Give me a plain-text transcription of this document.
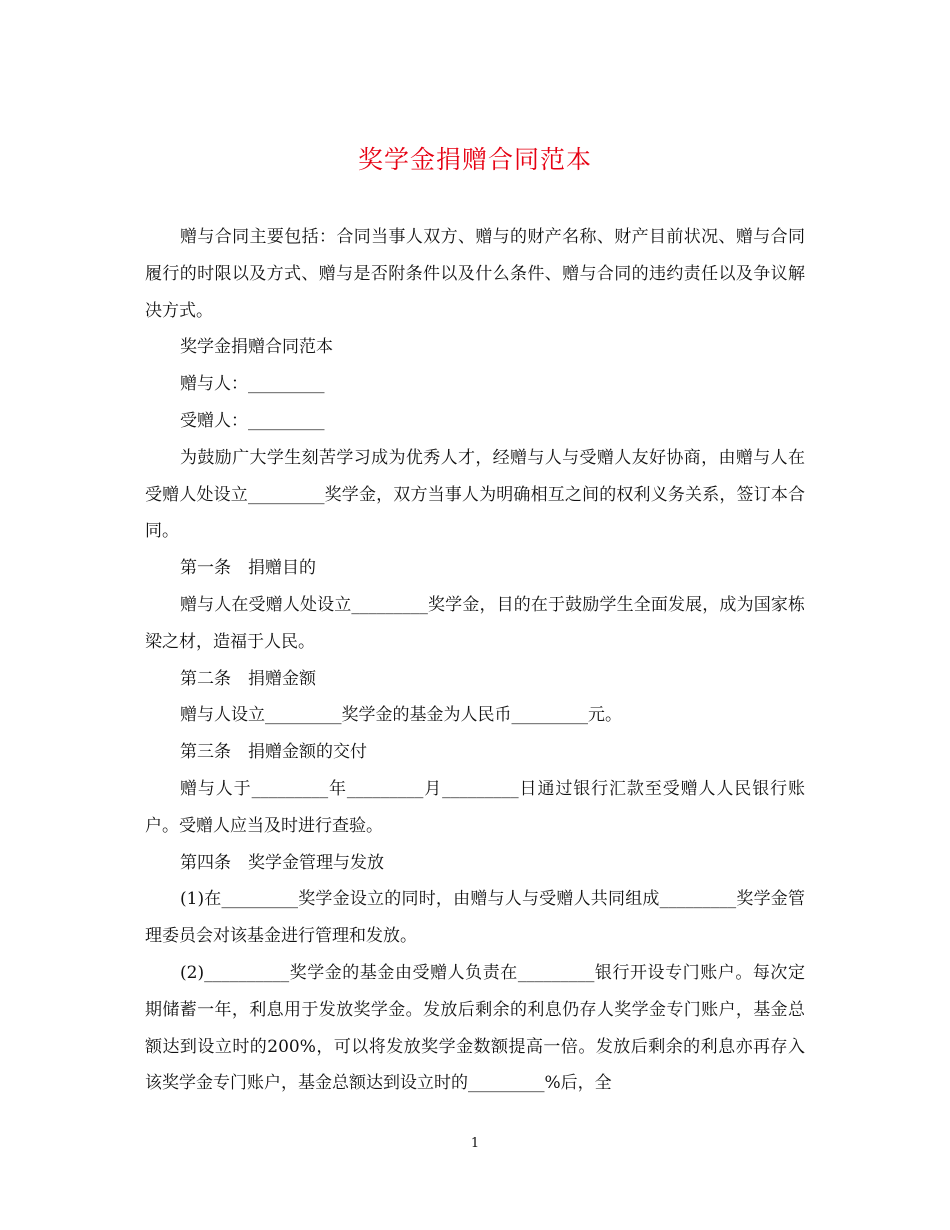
奖学金捐赠合同范本

赠与合同主要包括：合同当事人双方、赠与的财产名称、财产目前状况、赠与合同履行的时限以及方式、赠与是否附条件以及什么条件、赠与合同的违约责任以及争议解决方式。

奖学金捐赠合同范本

赠与人：_________

受赠人：_________

为鼓励广大学生刻苦学习成为优秀人才，经赠与人与受赠人友好协商，由赠与人在受赠人处设立_________奖学金，双方当事人为明确相互之间的权利义务关系，签订本合同。

第一条　捐赠目的

赠与人在受赠人处设立_________奖学金，目的在于鼓励学生全面发展，成为国家栋梁之材，造福于人民。

第二条　捐赠金额

赠与人设立_________奖学金的基金为人民币_________元。

第三条　捐赠金额的交付

赠与人于_________年_________月_________日通过银行汇款至受赠人人民银行账户。受赠人应当及时进行查验。

第四条　奖学金管理与发放

(1)在_________奖学金设立的同时，由赠与人与受赠人共同组成_________奖学金管理委员会对该基金进行管理和发放。

(2)__________奖学金的基金由受赠人负责在_________银行开设专门账户。每次定期储蓄一年，利息用于发放奖学金。发放后剩余的利息仍存人奖学金专门账户，基金总额达到设立时的200%，可以将发放奖学金数额提高一倍。发放后剩余的利息亦再存入该奖学金专门账户，基金总额达到设立时的_________%后，全

1
